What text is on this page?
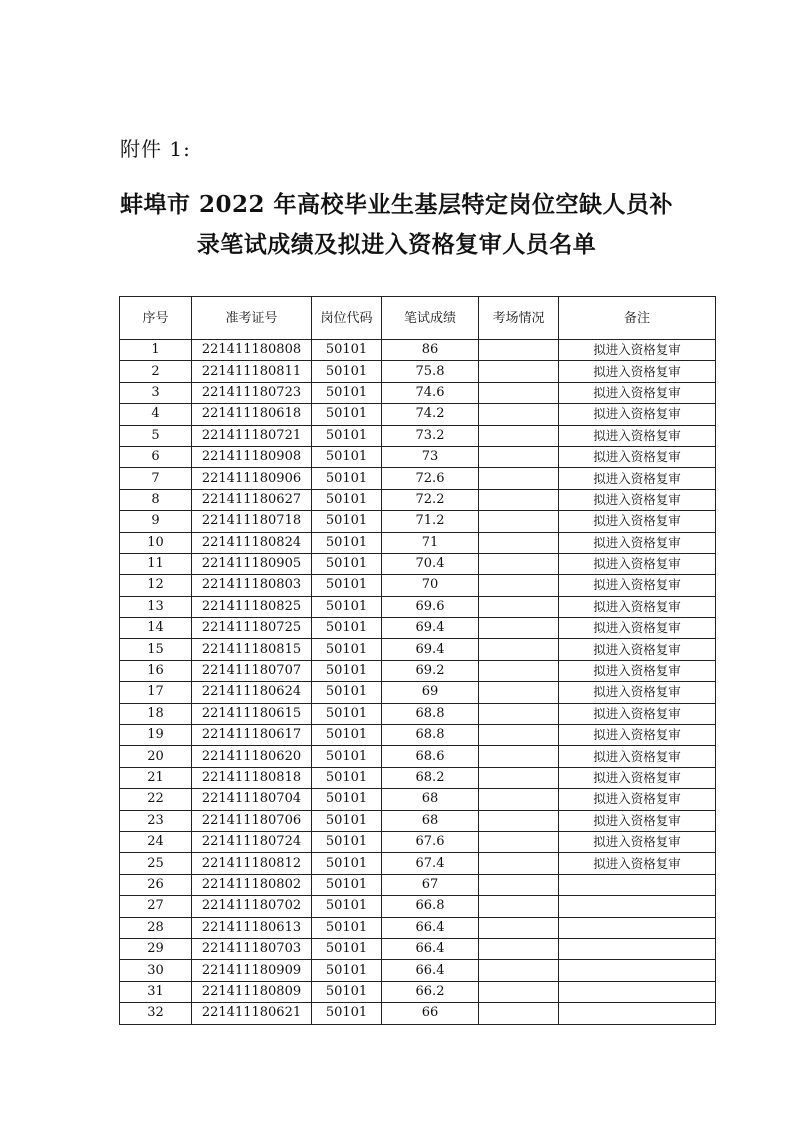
附件 1:
蚌埠市 2022 年高校毕业生基层特定岗位空缺人员补
录笔试成绩及拟进入资格复审人员名单
序号	准考证号	岗位代码	笔试成绩	考场情况	备注
1	221411180808	50101	86		拟进入资格复审
2	221411180811	50101	75.8		拟进入资格复审
3	221411180723	50101	74.6		拟进入资格复审
4	221411180618	50101	74.2		拟进入资格复审
5	221411180721	50101	73.2		拟进入资格复审
6	221411180908	50101	73		拟进入资格复审
7	221411180906	50101	72.6		拟进入资格复审
8	221411180627	50101	72.2		拟进入资格复审
9	221411180718	50101	71.2		拟进入资格复审
10	221411180824	50101	71		拟进入资格复审
11	221411180905	50101	70.4		拟进入资格复审
12	221411180803	50101	70		拟进入资格复审
13	221411180825	50101	69.6		拟进入资格复审
14	221411180725	50101	69.4		拟进入资格复审
15	221411180815	50101	69.4		拟进入资格复审
16	221411180707	50101	69.2		拟进入资格复审
17	221411180624	50101	69		拟进入资格复审
18	221411180615	50101	68.8		拟进入资格复审
19	221411180617	50101	68.8		拟进入资格复审
20	221411180620	50101	68.6		拟进入资格复审
21	221411180818	50101	68.2		拟进入资格复审
22	221411180704	50101	68		拟进入资格复审
23	221411180706	50101	68		拟进入资格复审
24	221411180724	50101	67.6		拟进入资格复审
25	221411180812	50101	67.4		拟进入资格复审
26	221411180802	50101	67		
27	221411180702	50101	66.8		
28	221411180613	50101	66.4		
29	221411180703	50101	66.4		
30	221411180909	50101	66.4		
31	221411180809	50101	66.2		
32	221411180621	50101	66		
